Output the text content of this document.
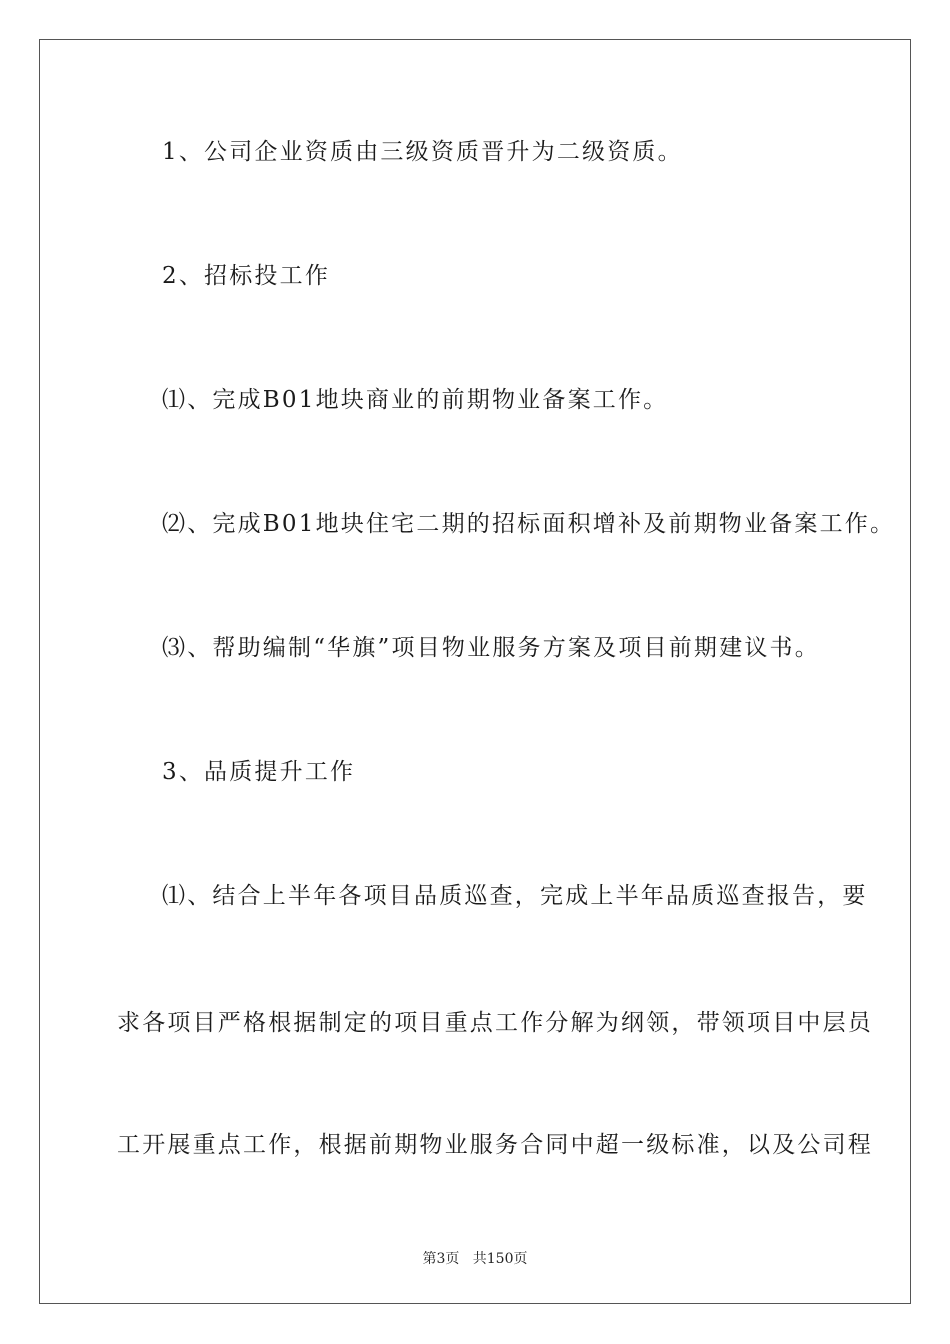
1、公司企业资质由三级资质晋升为二级资质。
2、招标投工作
⑴、完成B01地块商业的前期物业备案工作。
⑵、完成B01地块住宅二期的招标面积增补及前期物业备案工作。
⑶、帮助编制“华旗”项目物业服务方案及项目前期建议书。
3、品质提升工作
⑴、结合上半年各项目品质巡查，完成上半年品质巡查报告，要
求各项目严格根据制定的项目重点工作分解为纲领，带领项目中层员
工开展重点工作，根据前期物业服务合同中超一级标准，以及公司程
第3页   共150页
